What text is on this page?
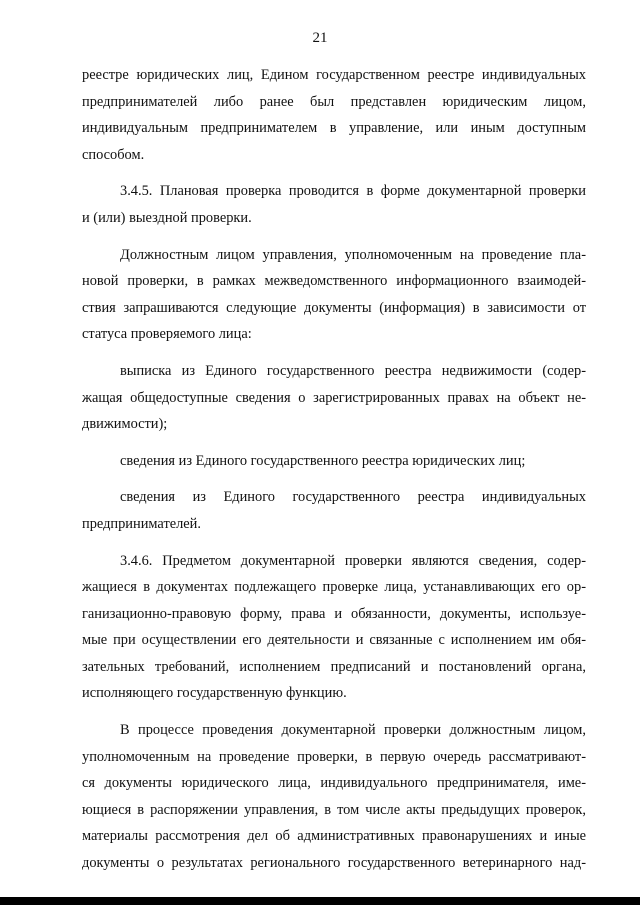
21
реестре юридических лиц, Едином государственном реестре индивидуальных
предпринимателей либо ранее был представлен юридическим лицом,
индивидуальным предпринимателем в управление, или иным доступным
способом.
3.4.5. Плановая проверка проводится в форме документарной проверки
и (или) выездной проверки.
Должностным лицом управления, уполномоченным на проведение пла-
новой проверки, в рамках межведомственного информационного взаимодей-
ствия запрашиваются следующие документы (информация) в зависимости от
статуса проверяемого лица:
выписка из Единого государственного реестра недвижимости (содер-
жащая общедоступные сведения о зарегистрированных правах на объект не-
движимости);
сведения из Единого государственного реестра юридических лиц;
сведения из Единого государственного реестра индивидуальных
предпринимателей.
3.4.6. Предметом документарной проверки являются сведения, содер-
жащиеся в документах подлежащего проверке лица, устанавливающих его ор-
ганизационно-правовую форму, права и обязанности, документы, используе-
мые при осуществлении его деятельности и связанные с исполнением им обя-
зательных требований, исполнением предписаний и постановлений органа,
исполняющего государственную функцию.
В процессе проведения документарной проверки должностным лицом,
уполномоченным на проведение проверки, в первую очередь рассматривают-
ся документы юридического лица, индивидуального предпринимателя, име-
ющиеся в распоряжении управления, в том числе акты предыдущих проверок,
материалы рассмотрения дел об административных правонарушениях и иные
документы о результатах регионального государственного ветеринарного над-
